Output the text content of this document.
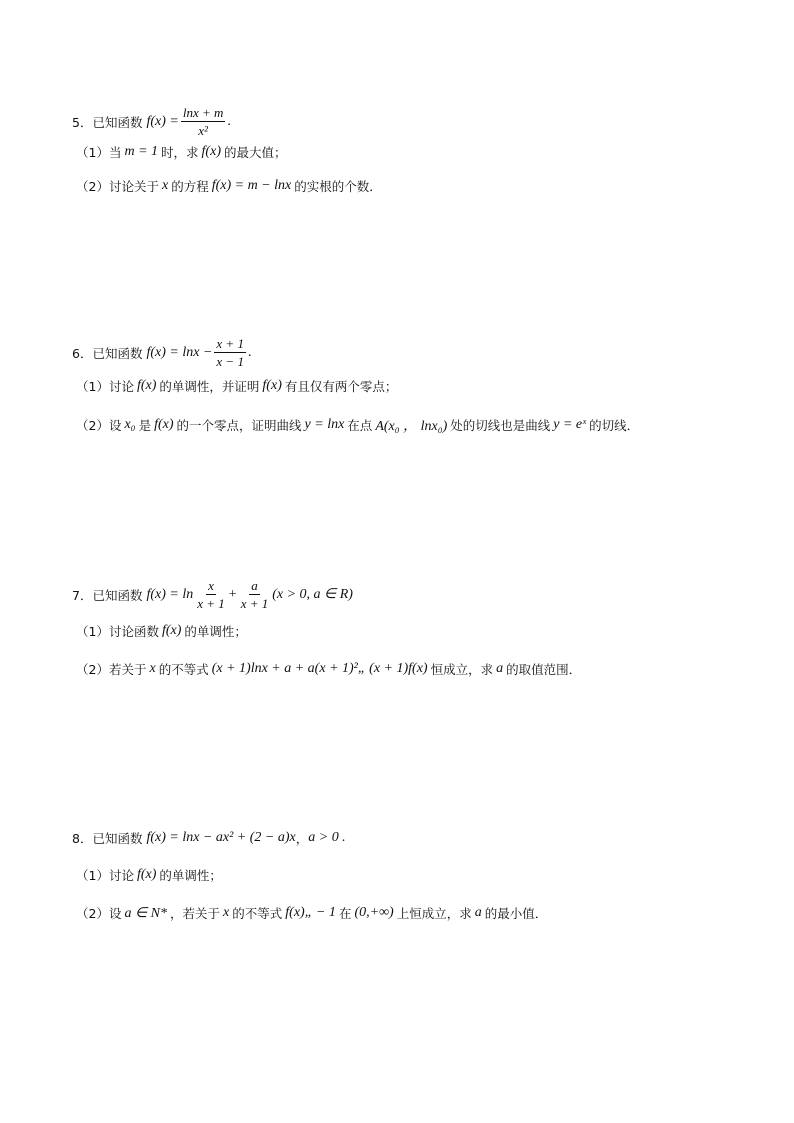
5． 已知函数 $f(x) = \frac{\ln x + m}{\text{x²}}$ .
（1） 当 m = 1 时，求 f(x) 的最大值；
（2） 讨论关于 x 的方程 f(x) = m − lnx 的实根的个数．
6． 已知函数 $f(x) = \ln x - \frac{x + 1}{x - 1}$ .
（1） 讨论 f(x) 的单调性，并证明 f(x) 有且仅有两个零点；
（2） 设 x₀ 是 f(x) 的一个零点，证明曲线 y = lnx 在点 A(x₀ ， lnx₀) 处的切线也是曲线 y = eˣ 的切线．
7． 已知函数 $f(x) = \ln \frac{x}{x + 1} + \frac{a}{x + 1} (x > 0$, a ∈ R)
（1） 讨论函数 f(x) 的单调性；
（2） 若关于 x 的不等式 (x + 1)lnx + a + a(x + 1)²„ (x + 1)f(x) 恒成立，求 a 的取值范围．
8． 已知函数 f(x) = lnx − ax² + (2 − a)x ， a > 0 .
（1） 讨论 f(x) 的单调性；
（2） 设 a ∈ N* ，若关于 x 的不等式 f(x)„ − 1 在 (0,+∞) 上恒成立，求 a 的最小值．
